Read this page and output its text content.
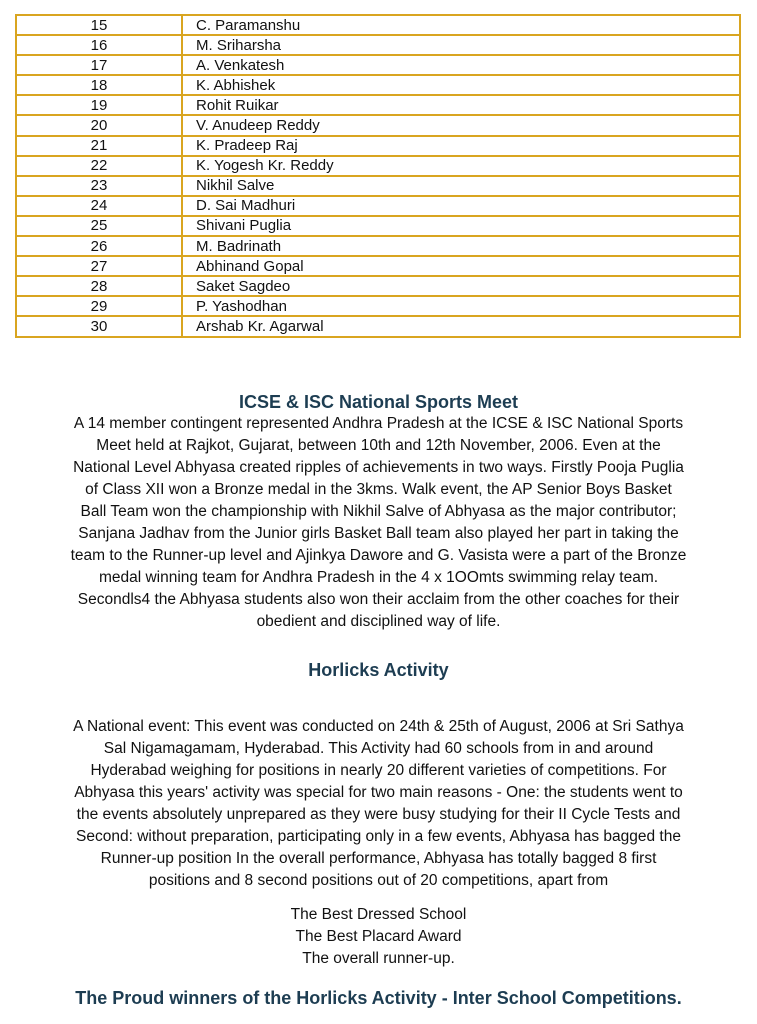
15	C. Paramanshu
16	M. Sriharsha
17	A. Venkatesh
18	K. Abhishek
19	Rohit Ruikar
20	V. Anudeep Reddy
21	K. Pradeep Raj
22	K. Yogesh Kr. Reddy
23	Nikhil Salve
24	D. Sai Madhuri
25	Shivani Puglia
26	M. Badrinath
27	Abhinand Gopal
28	Saket Sagdeo
29	P. Yashodhan
30	Arshab Kr. Agarwal
ICSE & ISC National Sports Meet
A 14 member contingent represented Andhra Pradesh at the ICSE & ISC National Sports
Meet held at Rajkot, Gujarat, between 10th and 12th November, 2006. Even at the
National Level Abhyasa created ripples of achievements in two ways. Firstly Pooja Puglia
of Class XII won a Bronze medal in the 3kms. Walk event, the AP Senior Boys Basket
Ball Team won the championship with Nikhil Salve of Abhyasa as the major contributor;
Sanjana Jadhav from the Junior girls Basket Ball team also played her part in taking the
team to the Runner-up level and Ajinkya Dawore and G. Vasista were a part of the Bronze
medal winning team for Andhra Pradesh in the 4 x 1OOmts swimming relay team.
Secondls4 the Abhyasa students also won their acclaim from the other coaches for their
obedient and disciplined way of life.
Horlicks Activity
A National event: This event was conducted on 24th & 25th of August, 2006 at Sri Sathya
Sal Nigamagamam, Hyderabad. This Activity had 60 schools from in and around
Hyderabad weighing for positions in nearly 20 different varieties of competitions. For
Abhyasa this years' activity was special for two main reasons - One: the students went to
the events absolutely unprepared as they were busy studying for their II Cycle Tests and
Second: without preparation, participating only in a few events, Abhyasa has bagged the
Runner-up position In the overall performance, Abhyasa has totally bagged 8 first
positions and 8 second positions out of 20 competitions, apart from
The Best Dressed School
The Best Placard Award
The overall runner-up.
The Proud winners of the Horlicks Activity - Inter School Competitions.
